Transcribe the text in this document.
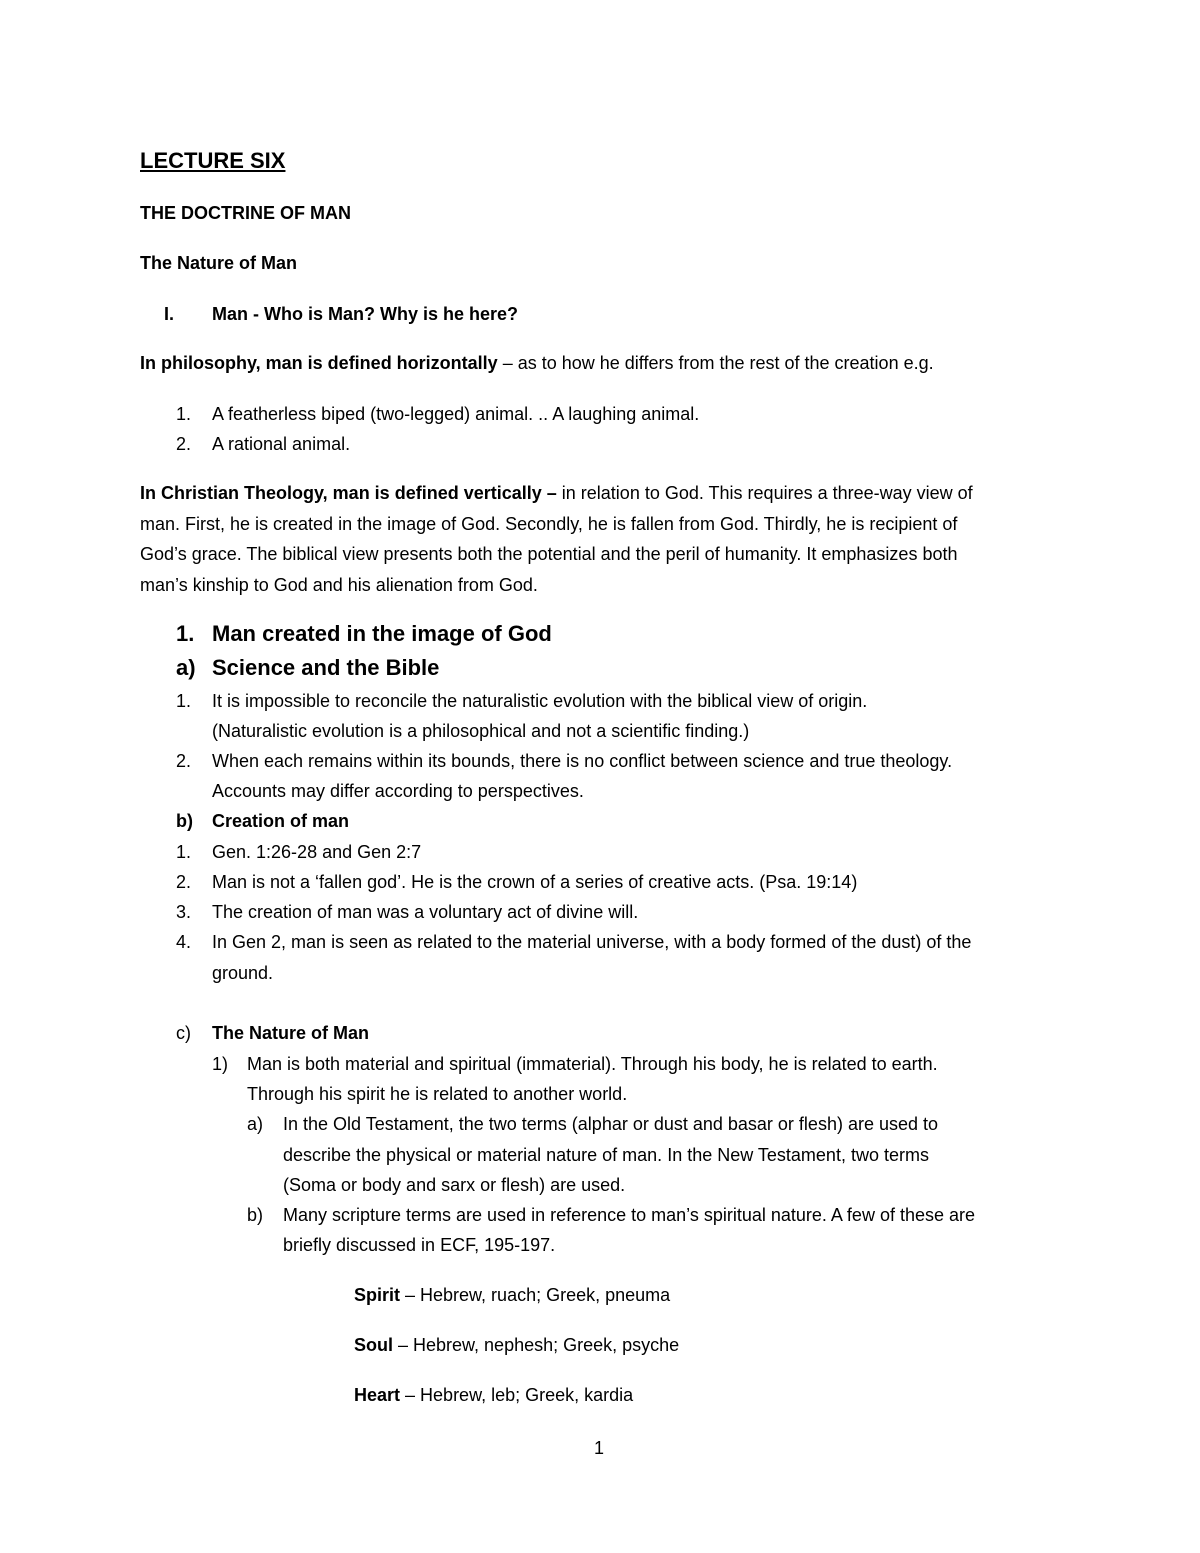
LECTURE SIX
THE DOCTRINE OF MAN
The Nature of Man
I. Man - Who is Man? Why is he here?
In philosophy, man is defined horizontally – as to how he differs from the rest of the creation e.g.
1. A featherless biped (two-legged) animal. .. A laughing animal.
2. A rational animal.
In Christian Theology, man is defined vertically – in relation to God. This requires a three-way view of
man. First, he is created in the image of God. Secondly, he is fallen from God. Thirdly, he is recipient of
God’s grace. The biblical view presents both the potential and the peril of humanity. It emphasizes both
man’s kinship to God and his alienation from God.
1. Man created in the image of God
a) Science and the Bible
1. It is impossible to reconcile the naturalistic evolution with the biblical view of origin.
(Naturalistic evolution is a philosophical and not a scientific finding.)
2. When each remains within its bounds, there is no conflict between science and true theology.
Accounts may differ according to perspectives.
b) Creation of man
1. Gen. 1:26-28 and Gen 2:7
2. Man is not a ‘fallen god’. He is the crown of a series of creative acts. (Psa. 19:14)
3. The creation of man was a voluntary act of divine will.
4. In Gen 2, man is seen as related to the material universe, with a body formed of the dust) of the
ground.
c) The Nature of Man
1) Man is both material and spiritual (immaterial). Through his body, he is related to earth.
Through his spirit he is related to another world.
a) In the Old Testament, the two terms (alphar or dust and basar or flesh) are used to
describe the physical or material nature of man. In the New Testament, two terms
(Soma or body and sarx or flesh) are used.
b) Many scripture terms are used in reference to man’s spiritual nature. A few of these are
briefly discussed in ECF, 195-197.
Spirit – Hebrew, ruach; Greek, pneuma
Soul – Hebrew, nephesh; Greek, psyche
Heart – Hebrew, leb; Greek, kardia
1
